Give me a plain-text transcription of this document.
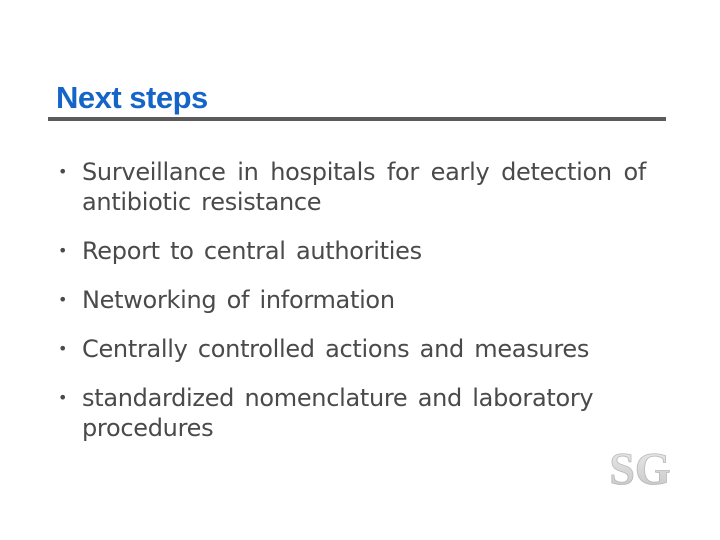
Next steps
• Surveillance in hospitals for early detection of antibiotic resistance
• Report to central authorities
• Networking of information
• Centrally controlled actions and measures
• standardized nomenclature and laboratory procedures
SG
